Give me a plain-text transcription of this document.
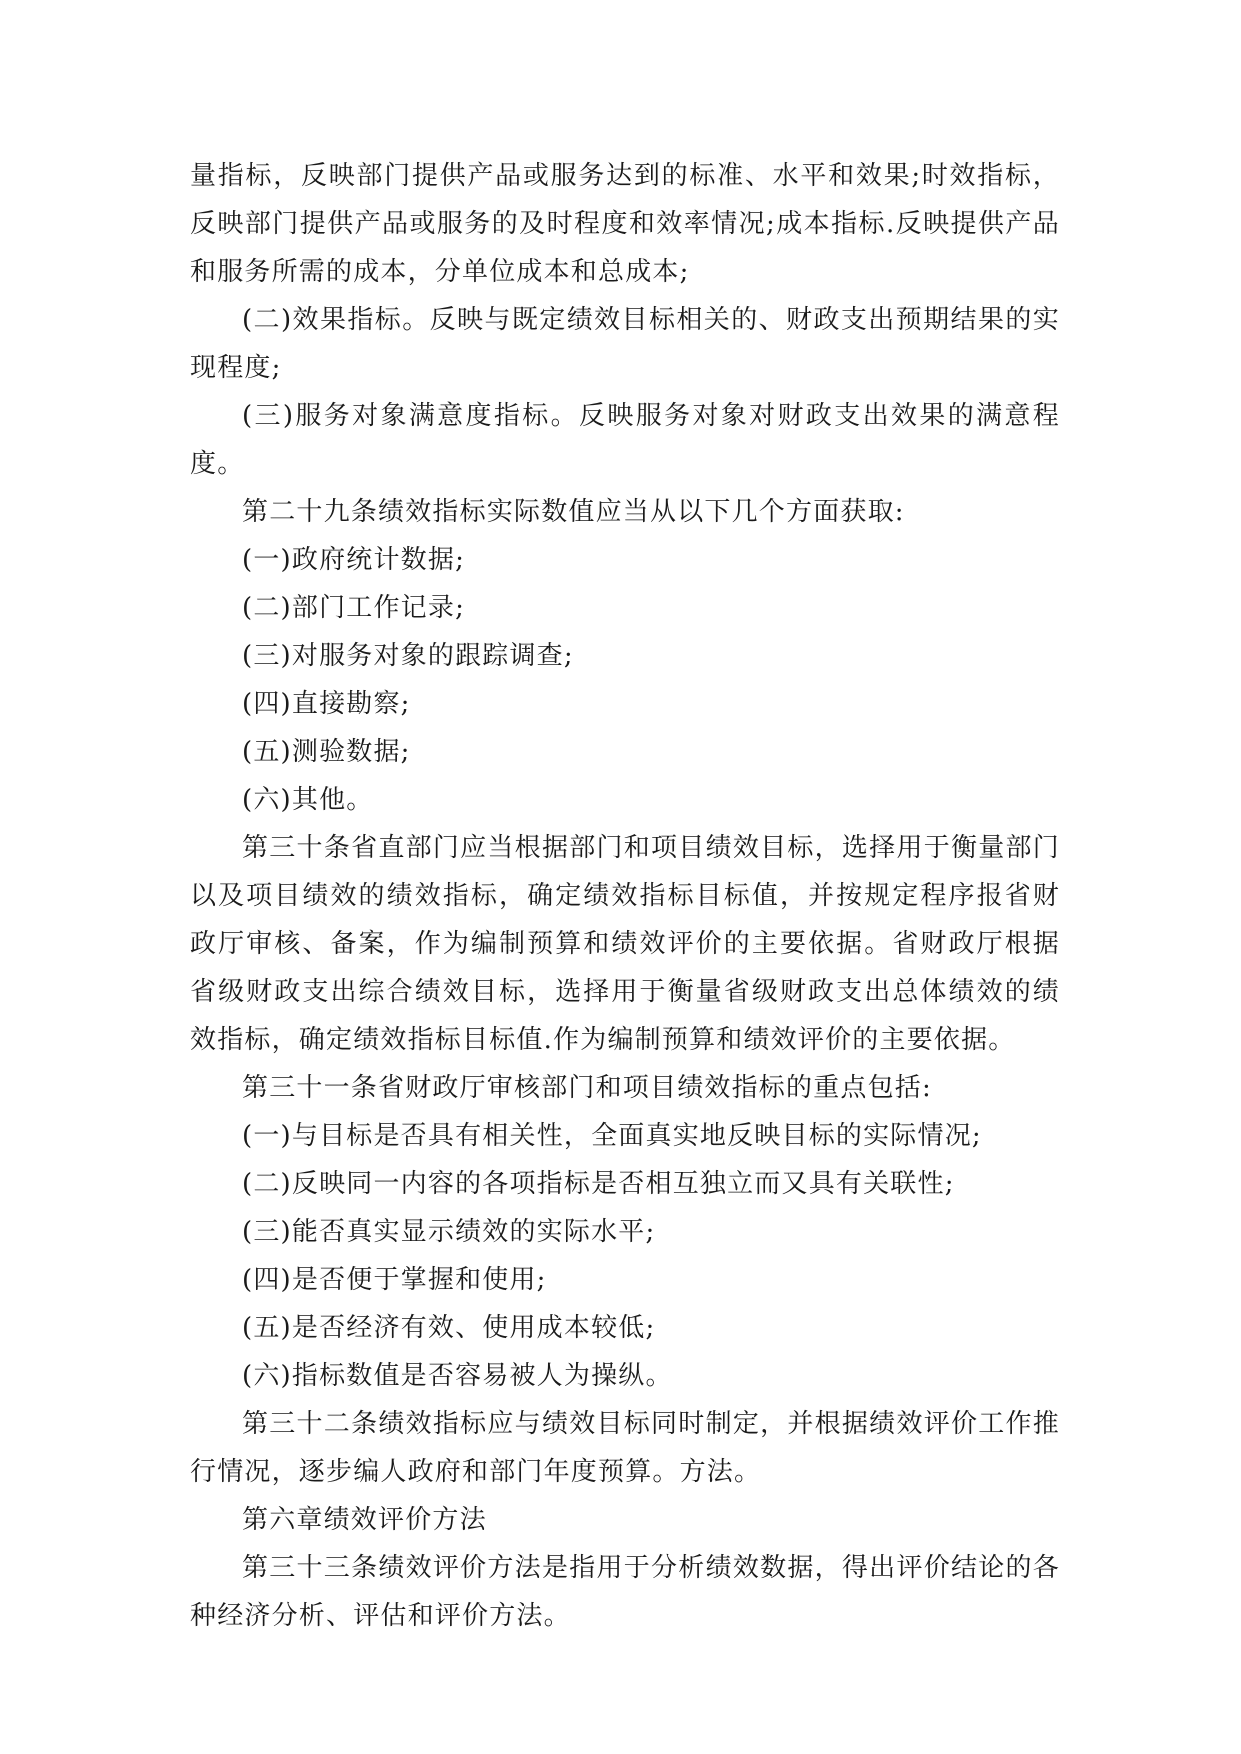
量指标，反映部门提供产品或服务达到的标准、水平和效果;时效指标，反映部门提供产品或服务的及时程度和效率情况;成本指标.反映提供产品和服务所需的成本，分单位成本和总成本;

(二)效果指标。反映与既定绩效目标相关的、财政支出预期结果的实现程度;

(三)服务对象满意度指标。反映服务对象对财政支出效果的满意程度。

第二十九条绩效指标实际数值应当从以下几个方面获取:

(一)政府统计数据;

(二)部门工作记录;

(三)对服务对象的跟踪调查;

(四)直接勘察;

(五)测验数据;

(六)其他。

第三十条省直部门应当根据部门和项目绩效目标，选择用于衡量部门以及项目绩效的绩效指标，确定绩效指标目标值，并按规定程序报省财政厅审核、备案，作为编制预算和绩效评价的主要依据。省财政厅根据省级财政支出综合绩效目标，选择用于衡量省级财政支出总体绩效的绩效指标，确定绩效指标目标值.作为编制预算和绩效评价的主要依据。

第三十一条省财政厅审核部门和项目绩效指标的重点包括:

(一)与目标是否具有相关性，全面真实地反映目标的实际情况;

(二)反映同一内容的各项指标是否相互独立而又具有关联性;

(三)能否真实显示绩效的实际水平;

(四)是否便于掌握和使用;

(五)是否经济有效、使用成本较低;

(六)指标数值是否容易被人为操纵。

第三十二条绩效指标应与绩效目标同时制定，并根据绩效评价工作推行情况，逐步编人政府和部门年度预算。方法。

第六章绩效评价方法

第三十三条绩效评价方法是指用于分析绩效数据，得出评价结论的各种经济分析、评估和评价方法。
